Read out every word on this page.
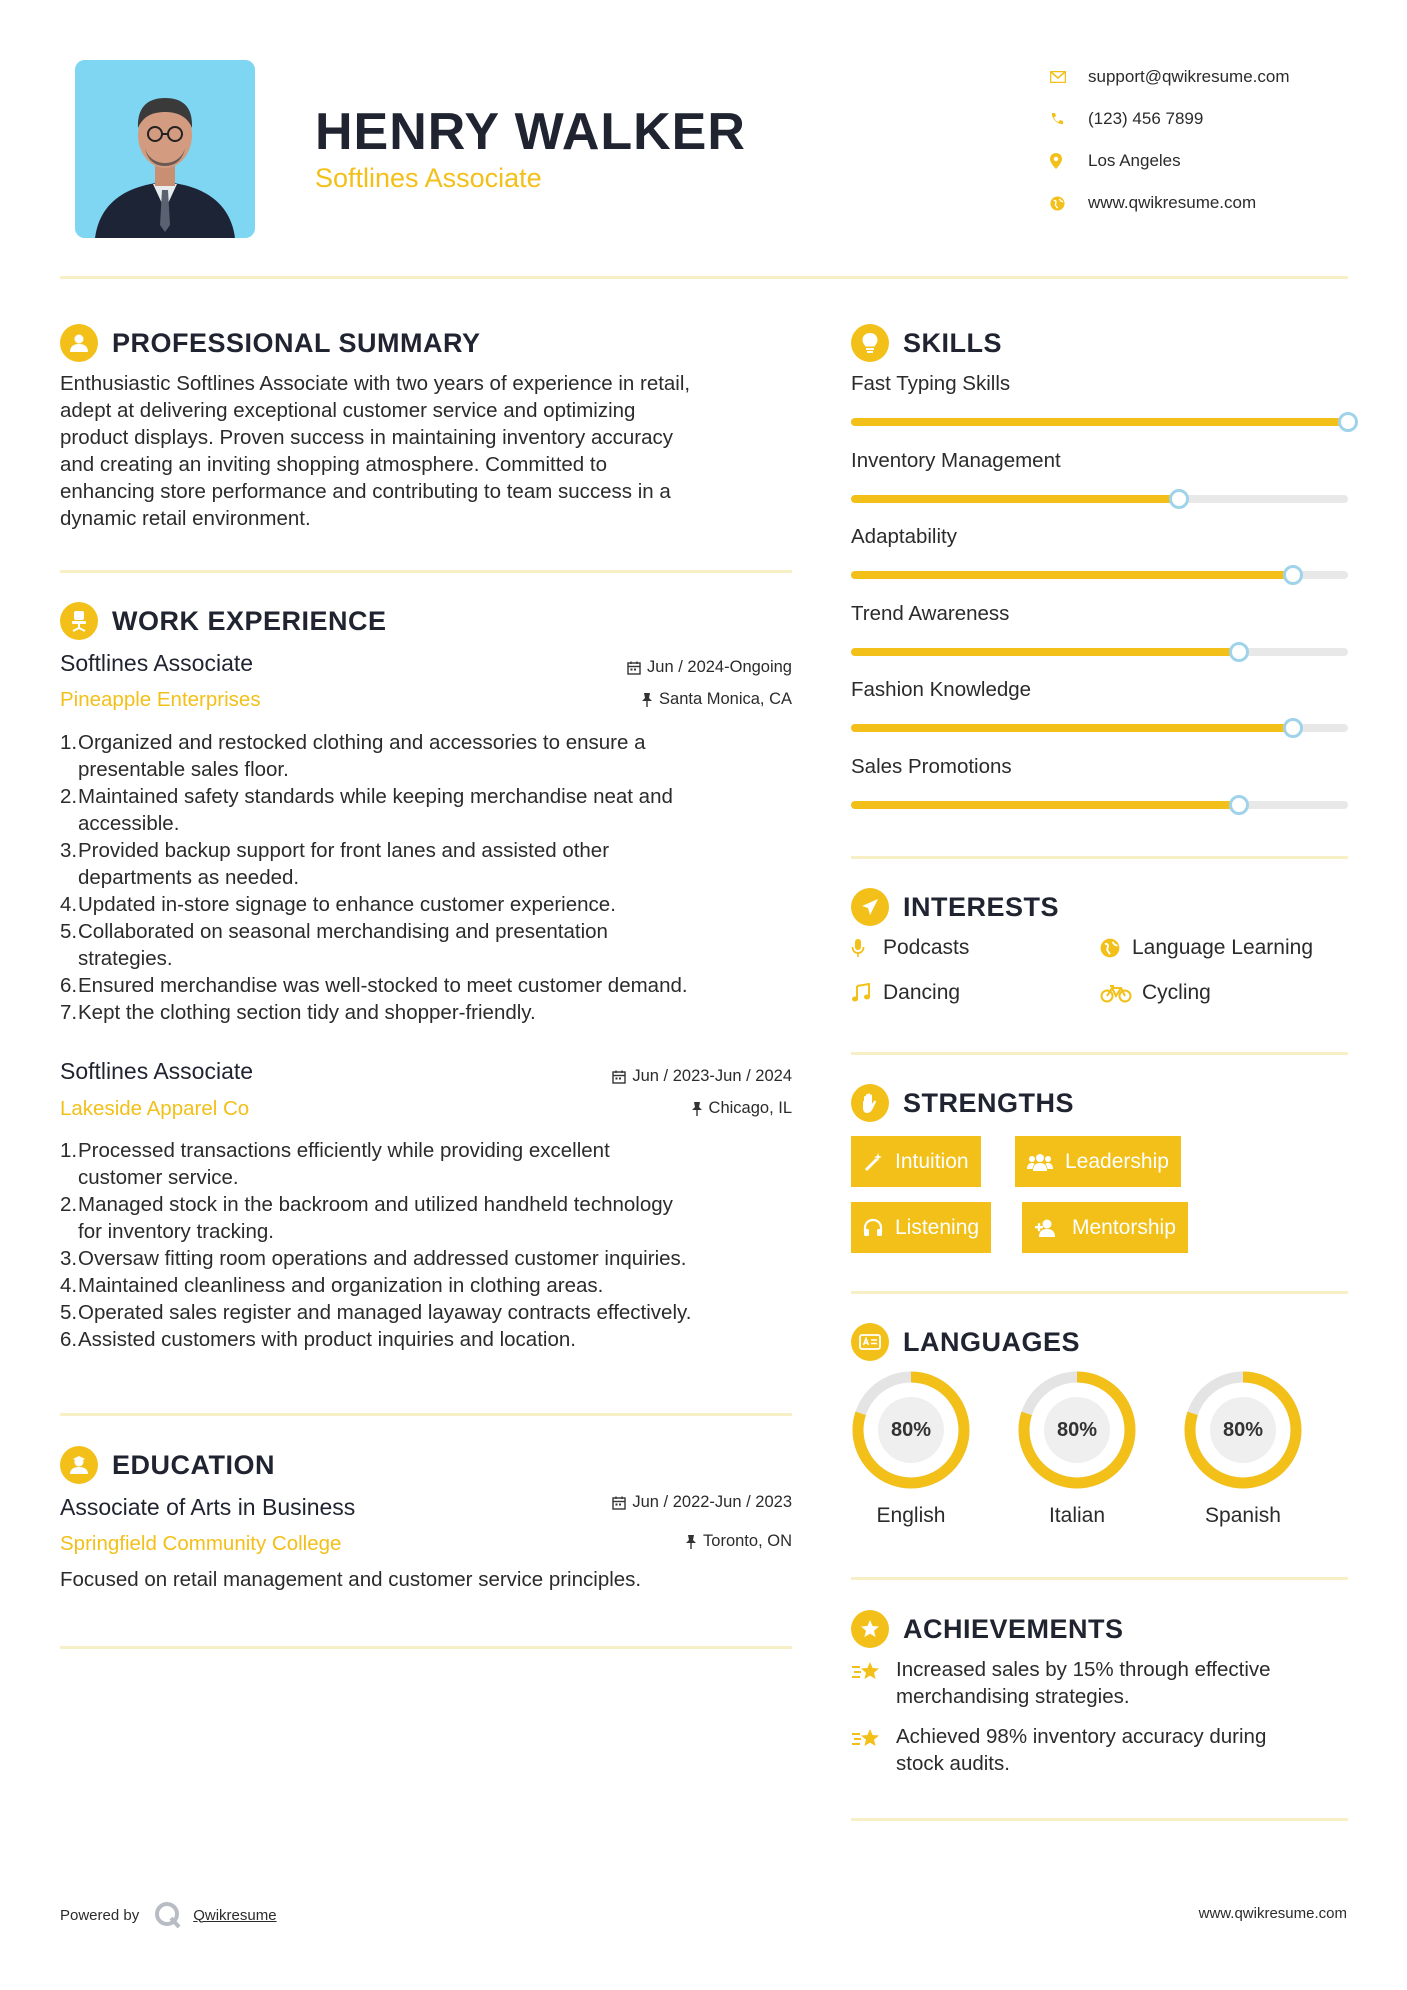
HENRY WALKER
Softlines Associate
support@qwikresume.com
(123) 456 7899
Los Angeles
www.qwikresume.com
PROFESSIONAL SUMMARY
Enthusiastic Softlines Associate with two years of experience in retail,
adept at delivering exceptional customer service and optimizing
product displays. Proven success in maintaining inventory accuracy
and creating an inviting shopping atmosphere. Committed to
enhancing store performance and contributing to team success in a
dynamic retail environment.
WORK EXPERIENCE
Softlines Associate	Jun / 2024-Ongoing
Pineapple Enterprises	Santa Monica, CA
1. Organized and restocked clothing and accessories to ensure a
presentable sales floor.
2. Maintained safety standards while keeping merchandise neat and
accessible.
3. Provided backup support for front lanes and assisted other
departments as needed.
4. Updated in-store signage to enhance customer experience.
5. Collaborated on seasonal merchandising and presentation
strategies.
6. Ensured merchandise was well-stocked to meet customer demand.
7. Kept the clothing section tidy and shopper-friendly.
Softlines Associate	Jun / 2023-Jun / 2024
Lakeside Apparel Co	Chicago, IL
1. Processed transactions efficiently while providing excellent
customer service.
2. Managed stock in the backroom and utilized handheld technology
for inventory tracking.
3. Oversaw fitting room operations and addressed customer inquiries.
4. Maintained cleanliness and organization in clothing areas.
5. Operated sales register and managed layaway contracts effectively.
6. Assisted customers with product inquiries and location.
EDUCATION
Associate of Arts in Business	Jun / 2022-Jun / 2023
Springfield Community College	Toronto, ON
Focused on retail management and customer service principles.
SKILLS
Fast Typing Skills
Inventory Management
Adaptability
Trend Awareness
Fashion Knowledge
Sales Promotions
INTERESTS
Podcasts	Language Learning
Dancing	Cycling
STRENGTHS
Intuition	Leadership
Listening	Mentorship
LANGUAGES
80%
English
80%
Italian
80%
Spanish
ACHIEVEMENTS
Increased sales by 15% through effective
merchandising strategies.
Achieved 98% inventory accuracy during
stock audits.
Powered by	Qwikresume	www.qwikresume.com
